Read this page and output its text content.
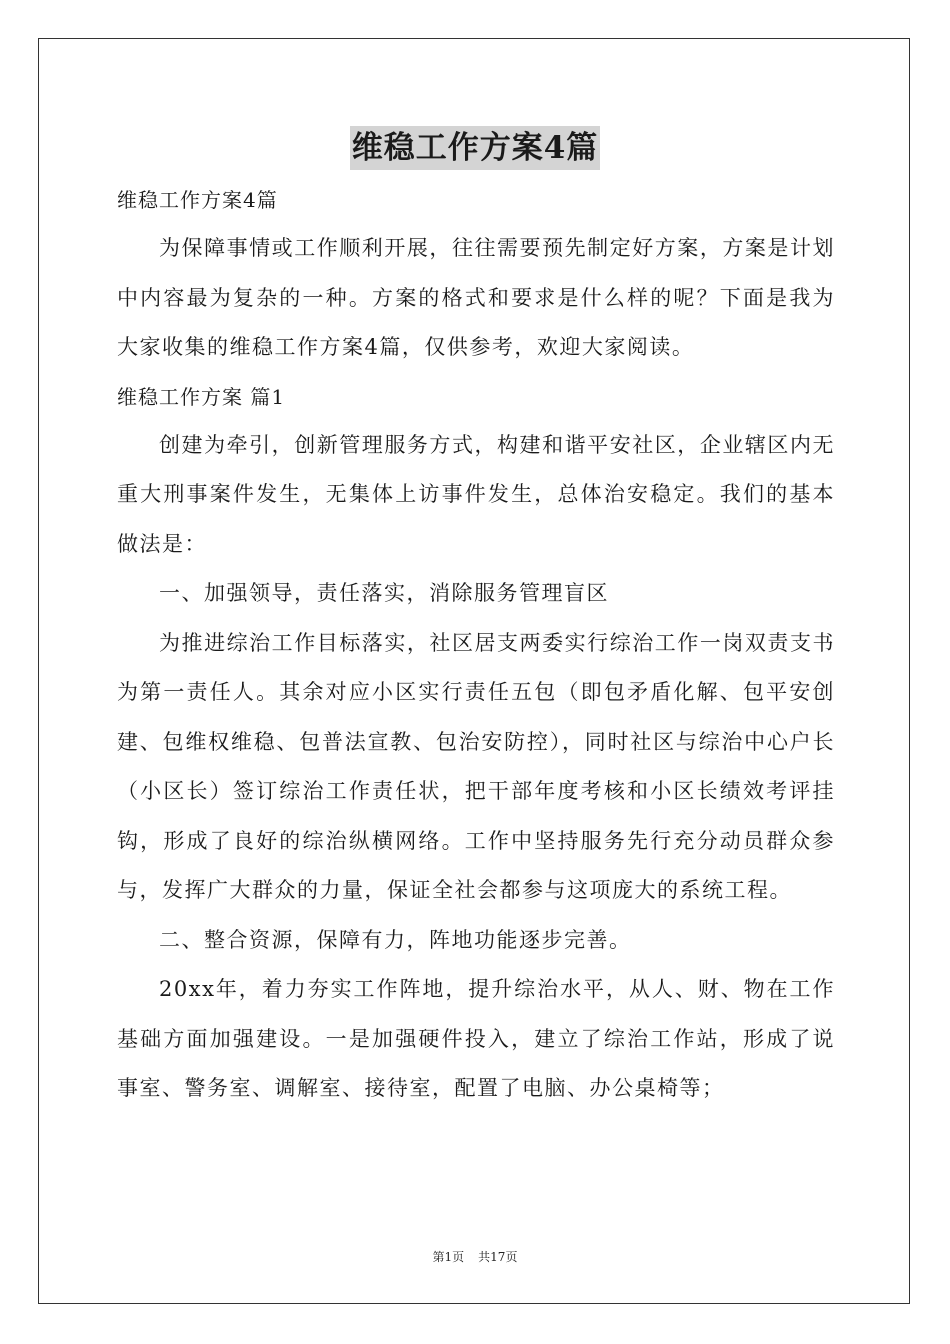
维稳工作方案4篇

维稳工作方案4篇

为保障事情或工作顺利开展，往往需要预先制定好方案，方案是计划中内容最为复杂的一种。方案的格式和要求是什么样的呢？下面是我为大家收集的维稳工作方案4篇，仅供参考，欢迎大家阅读。

维稳工作方案 篇1

创建为牵引，创新管理服务方式，构建和谐平安社区，企业辖区内无重大刑事案件发生，无集体上访事件发生，总体治安稳定。我们的基本做法是：

一、加强领导，责任落实，消除服务管理盲区

为推进综治工作目标落实，社区居支两委实行综治工作一岗双责支书为第一责任人。其余对应小区实行责任五包（即包矛盾化解、包平安创建、包维权维稳、包普法宣教、包治安防控），同时社区与综治中心户长（小区长）签订综治工作责任状，把干部年度考核和小区长绩效考评挂钩，形成了良好的综治纵横网络。工作中坚持服务先行充分动员群众参与，发挥广大群众的力量，保证全社会都参与这项庞大的系统工程。

二、整合资源，保障有力，阵地功能逐步完善。

20xx年，着力夯实工作阵地，提升综治水平，从人、财、物在工作基础方面加强建设。一是加强硬件投入，建立了综治工作站，形成了说事室、警务室、调解室、接待室，配置了电脑、办公桌椅等；

第1页 共17页
